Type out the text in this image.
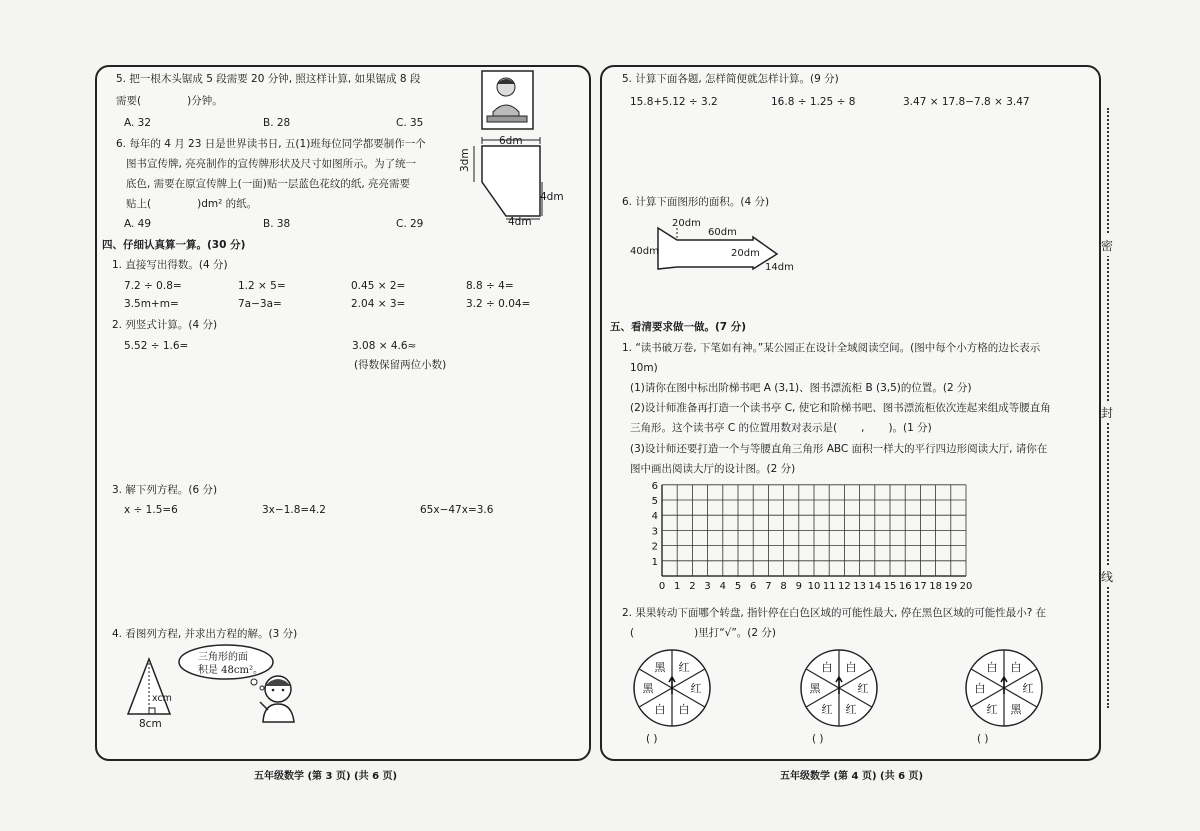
5. 把一根木头锯成 5 段需要 20 分钟, 照这样计算, 如果锯成 8 段
需要(	)分钟。
A. 32	B. 28	C. 35
6. 每年的 4 月 23 日是世界读书日, 五(1)班每位同学都要制作一个
图书宣传牌, 亮亮制作的宣传牌形状及尺寸如图所示。为了统一
底色, 需要在原宣传牌上(一面)贴一层蓝色花纹的纸, 亮亮需要
贴上(	)dm² 的纸。
A. 49	B. 38	C. 29
6dm
3dm
4dm
4dm
四、仔细认真算一算。(30 分)
1. 直接写出得数。(4 分)
7.2 ÷ 0.8=	1.2 × 5=	0.45 × 2=	8.8 ÷ 4=
3.5m+m=	7a−3a=	2.04 × 3=	3.2 ÷ 0.04=
2. 列竖式计算。(4 分)
5.52 ÷ 1.6=	3.08 × 4.6≈
(得数保留两位小数)
3. 解下列方程。(6 分)
x ÷ 1.5=6	3x−1.8=4.2	65x−47x=3.6
4. 看图列方程, 并求出方程的解。(3 分)
xcm
8cm
三角形的面
积是 48cm²。
五年级数学 (第 3 页) (共 6 页)
5. 计算下面各题, 怎样简便就怎样计算。(9 分)
15.8+5.12 ÷ 3.2	16.8 ÷ 1.25 ÷ 8	3.47 × 17.8−7.8 × 3.47
6. 计算下面图形的面积。(4 分)
20dm
60dm
40dm	20dm
14dm
五、看清要求做一做。(7 分)
1. “读书破万卷, 下笔如有神。”某公园正在设计全域阅读空间。(图中每个小方格的边长表示
10m)
(1)请你在图中标出阶梯书吧 A (3,1)、图书漂流柜 B (3,5)的位置。(2 分)
(2)设计师准备再打造一个读书亭 C, 使它和阶梯书吧、图书漂流柜依次连起来组成等腰直角
三角形。这个读书亭 C 的位置用数对表示是( , )。(1 分)
(3)设计师还要打造一个与等腰直角三角形 ABC 面积一样大的平行四边形阅读大厅, 请你在
图中画出阅读大厅的设计图。(2 分)
0 1 2 3 4 5 6 7 8 9 10 11 12 13 14 15 16 17 18 19 20
1
2
3
4
5
6
2. 果果转动下面哪个转盘, 指针停在白色区域的可能性最大, 停在黑色区域的可能性最小? 在
(	)里打“√”。(2 分)
红
红
白
白
黑
黑	白
红
红
红
黑
白	白
红
黑
红
白
白
( )	( )	( )
五年级数学 (第 4 页) (共 6 页)
密
封
线
